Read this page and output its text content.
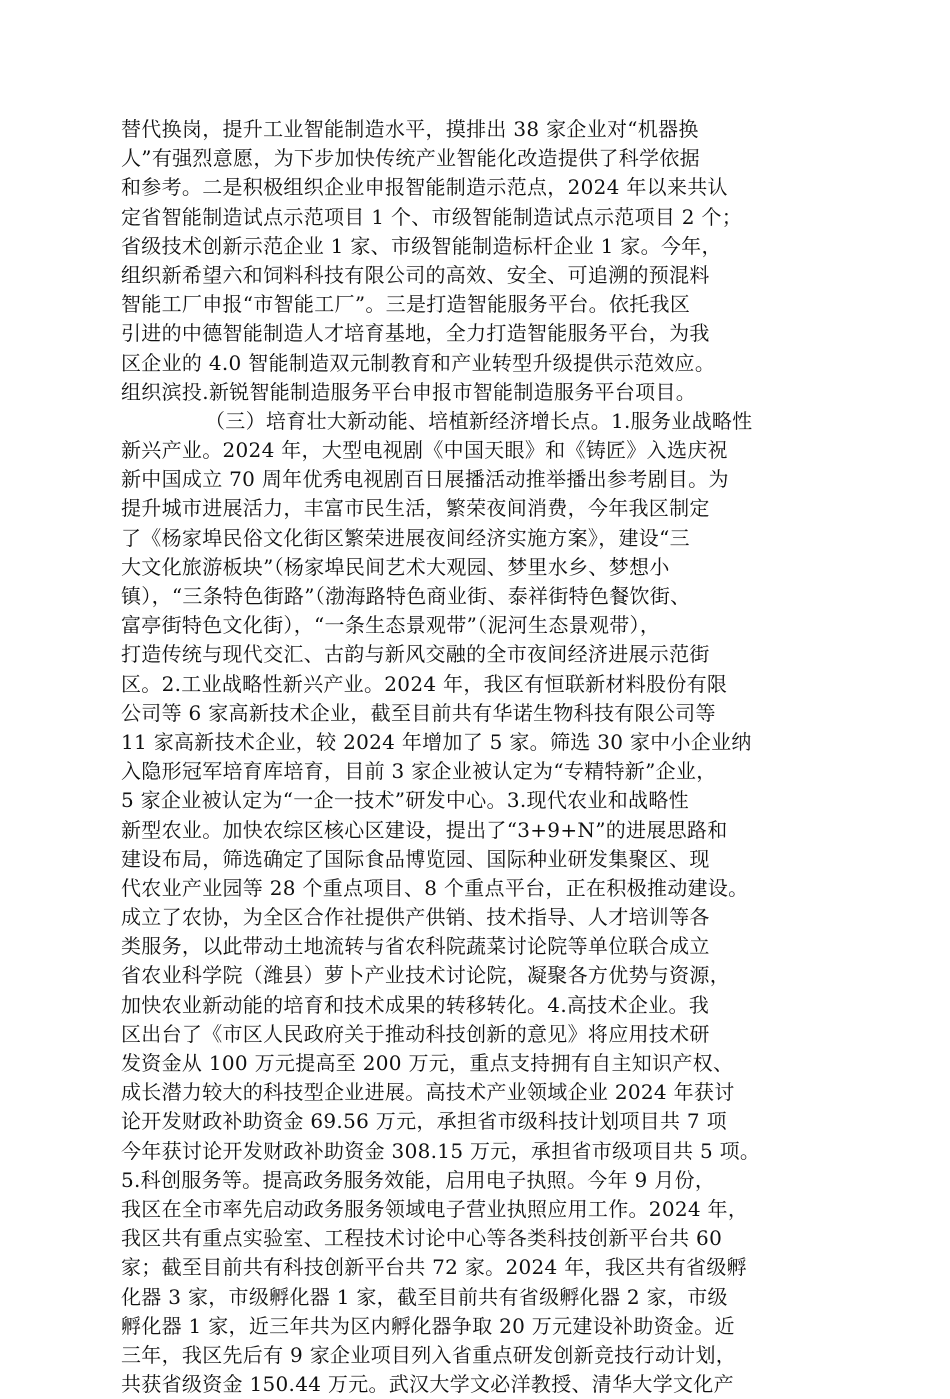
替代换岗，提升工业智能制造水平，摸排出 38 家企业对“机器换
人”有强烈意愿，为下步加快传统产业智能化改造提供了科学依据
和参考。二是积极组织企业申报智能制造示范点，2024 年以来共认
定省智能制造试点示范项目 1 个、市级智能制造试点示范项目 2 个；
省级技术创新示范企业 1 家、市级智能制造标杆企业 1 家。今年，
组织新希望六和饲料科技有限公司的高效、安全、可追溯的预混料
智能工厂申报“市智能工厂”。三是打造智能服务平台。依托我区
引进的中德智能制造人才培育基地，全力打造智能服务平台，为我
区企业的 4.0 智能制造双元制教育和产业转型升级提供示范效应。
组织滨投.新锐智能制造服务平台申报市智能制造服务平台项目。
（三）培育壮大新动能、培植新经济增长点。1.服务业战略性
新兴产业。2024 年，大型电视剧《中国天眼》和《铸匠》入选庆祝
新中国成立 70 周年优秀电视剧百日展播活动推举播出参考剧目。为
提升城市进展活力，丰富市民生活，繁荣夜间消费，今年我区制定
了《杨家埠民俗文化街区繁荣进展夜间经济实施方案》，建设“三
大文化旅游板块”（杨家埠民间艺术大观园、梦里水乡、梦想小
镇），“三条特色街路”（渤海路特色商业街、泰祥街特色餐饮街、
富亭街特色文化街），“一条生态景观带”（泥河生态景观带），
打造传统与现代交汇、古韵与新风交融的全市夜间经济进展示范街
区。2.工业战略性新兴产业。2024 年，我区有恒联新材料股份有限
公司等 6 家高新技术企业，截至目前共有华诺生物科技有限公司等
11 家高新技术企业，较 2024 年增加了 5 家。筛选 30 家中小企业纳
入隐形冠军培育库培育，目前 3 家企业被认定为“专精特新”企业，
5 家企业被认定为“一企一技术”研发中心。3.现代农业和战略性
新型农业。加快农综区核心区建设，提出了“3+9+N”的进展思路和
建设布局，筛选确定了国际食品博览园、国际种业研发集聚区、现
代农业产业园等 28 个重点项目、8 个重点平台，正在积极推动建设。
成立了农协，为全区合作社提供产供销、技术指导、人才培训等各
类服务，以此带动土地流转与省农科院蔬菜讨论院等单位联合成立
省农业科学院（潍县）萝卜产业技术讨论院，凝聚各方优势与资源，
加快农业新动能的培育和技术成果的转移转化。4.高技术企业。我
区出台了《市区人民政府关于推动科技创新的意见》将应用技术研
发资金从 100 万元提高至 200 万元，重点支持拥有自主知识产权、
成长潜力较大的科技型企业进展。高技术产业领域企业 2024 年获讨
论开发财政补助资金 69.56 万元，承担省市级科技计划项目共 7 项
今年获讨论开发财政补助资金 308.15 万元，承担省市级项目共 5 项。
5.科创服务等。提高政务服务效能，启用电子执照。今年 9 月份，
我区在全市率先启动政务服务领域电子营业执照应用工作。2024 年，
我区共有重点实验室、工程技术讨论中心等各类科技创新平台共 60
家；截至目前共有科技创新平台共 72 家。2024 年，我区共有省级孵
化器 3 家，市级孵化器 1 家，截至目前共有省级孵化器 2 家，市级
孵化器 1 家，近三年共为区内孵化器争取 20 万元建设补助资金。近
三年，我区先后有 9 家企业项目列入省重点研发创新竞技行动计划，
共获省级资金 150.44 万元。武汉大学文必洋教授、清华大学文化产
